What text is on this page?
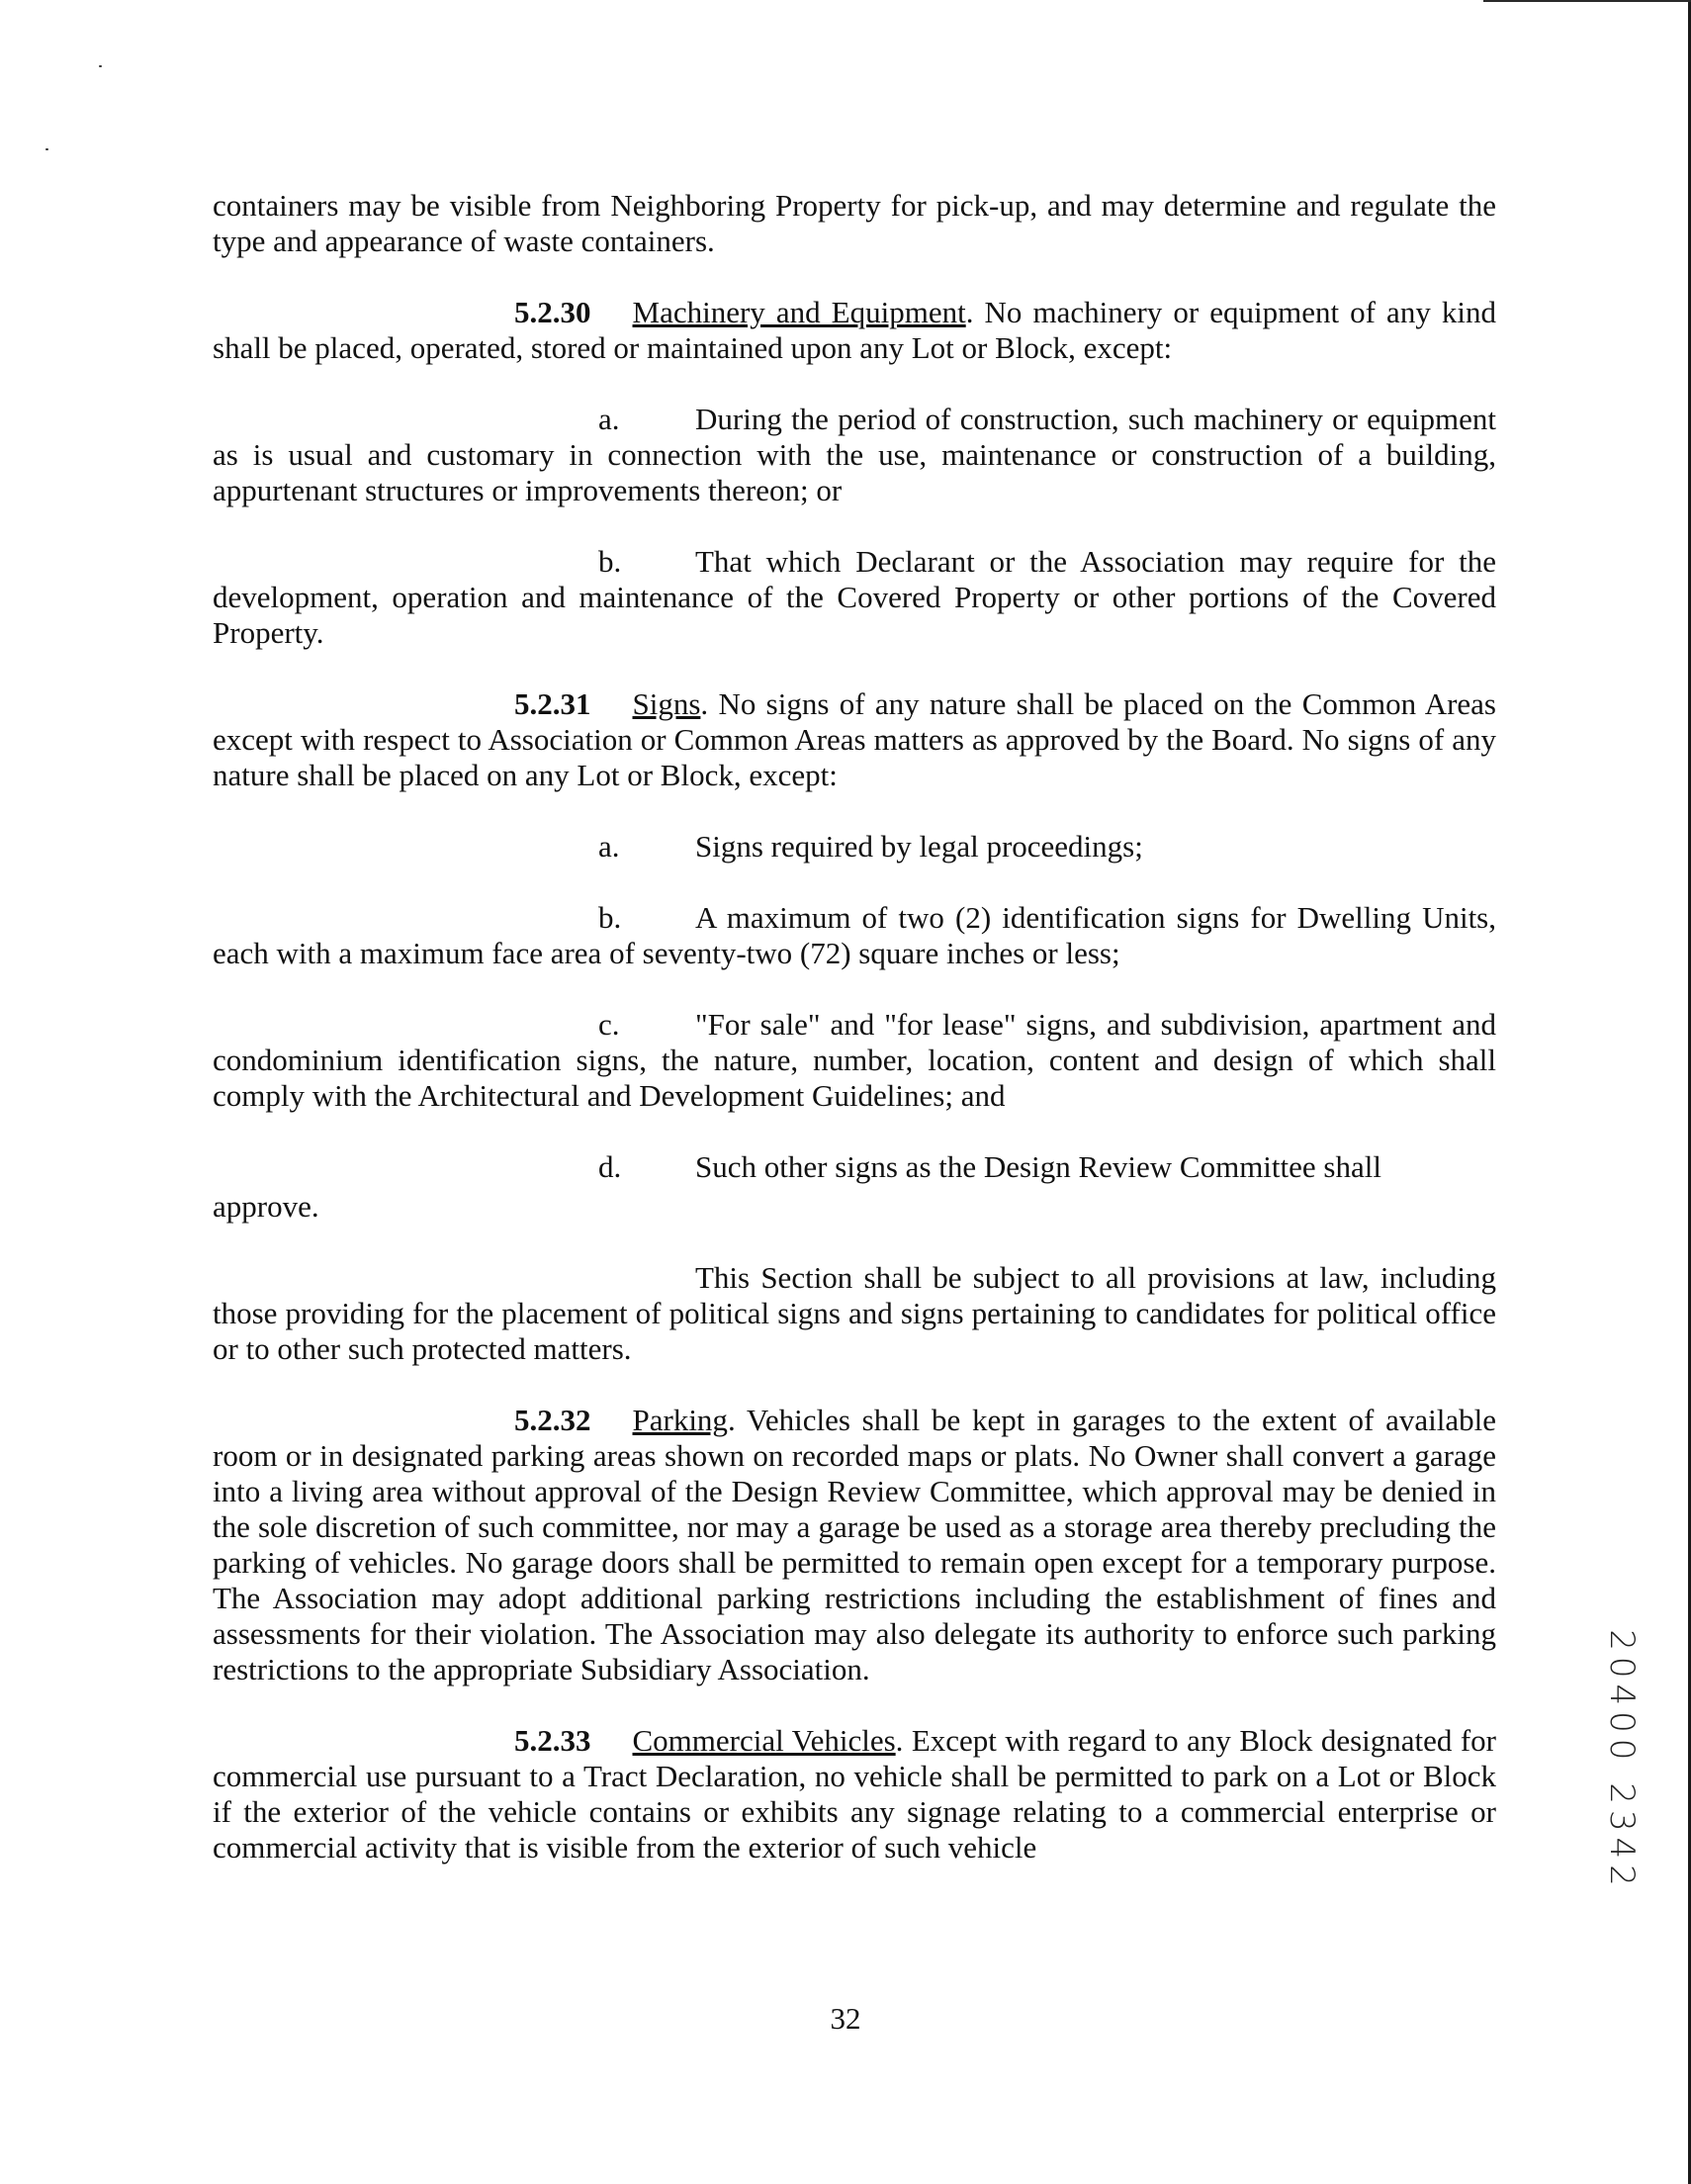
containers may be visible from Neighboring Property for pick-up, and may determine and regulate the type and appearance of waste containers.

5.2.30 Machinery and Equipment. No machinery or equipment of any kind shall be placed, operated, stored or maintained upon any Lot or Block, except:

a. During the period of construction, such machinery or equipment as is usual and customary in connection with the use, maintenance or construction of a building, appurtenant structures or improvements thereon; or

b. That which Declarant or the Association may require for the development, operation and maintenance of the Covered Property or other portions of the Covered Property.

5.2.31 Signs. No signs of any nature shall be placed on the Common Areas except with respect to Association or Common Areas matters as approved by the Board. No signs of any nature shall be placed on any Lot or Block, except:

a. Signs required by legal proceedings;

b. A maximum of two (2) identification signs for Dwelling Units, each with a maximum face area of seventy-two (72) square inches or less;

c. "For sale" and "for lease" signs, and subdivision, apartment and condominium identification signs, the nature, number, location, content and design of which shall comply with the Architectural and Development Guidelines; and

d. Such other signs as the Design Review Committee shall

approve.

This Section shall be subject to all provisions at law, including those providing for the placement of political signs and signs pertaining to candidates for political office or to other such protected matters.

5.2.32 Parking. Vehicles shall be kept in garages to the extent of available room or in designated parking areas shown on recorded maps or plats. No Owner shall convert a garage into a living area without approval of the Design Review Committee, which approval may be denied in the sole discretion of such committee, nor may a garage be used as a storage area thereby precluding the parking of vehicles. No garage doors shall be permitted to remain open except for a temporary purpose. The Association may adopt additional parking restrictions including the establishment of fines and assessments for their violation. The Association may also delegate its authority to enforce such parking restrictions to the appropriate Subsidiary Association.

5.2.33 Commercial Vehicles. Except with regard to any Block designated for commercial use pursuant to a Tract Declaration, no vehicle shall be permitted to park on a Lot or Block if the exterior of the vehicle contains or exhibits any signage relating to a commercial enterprise or commercial activity that is visible from the exterior of such vehicle

32
20400 2342
